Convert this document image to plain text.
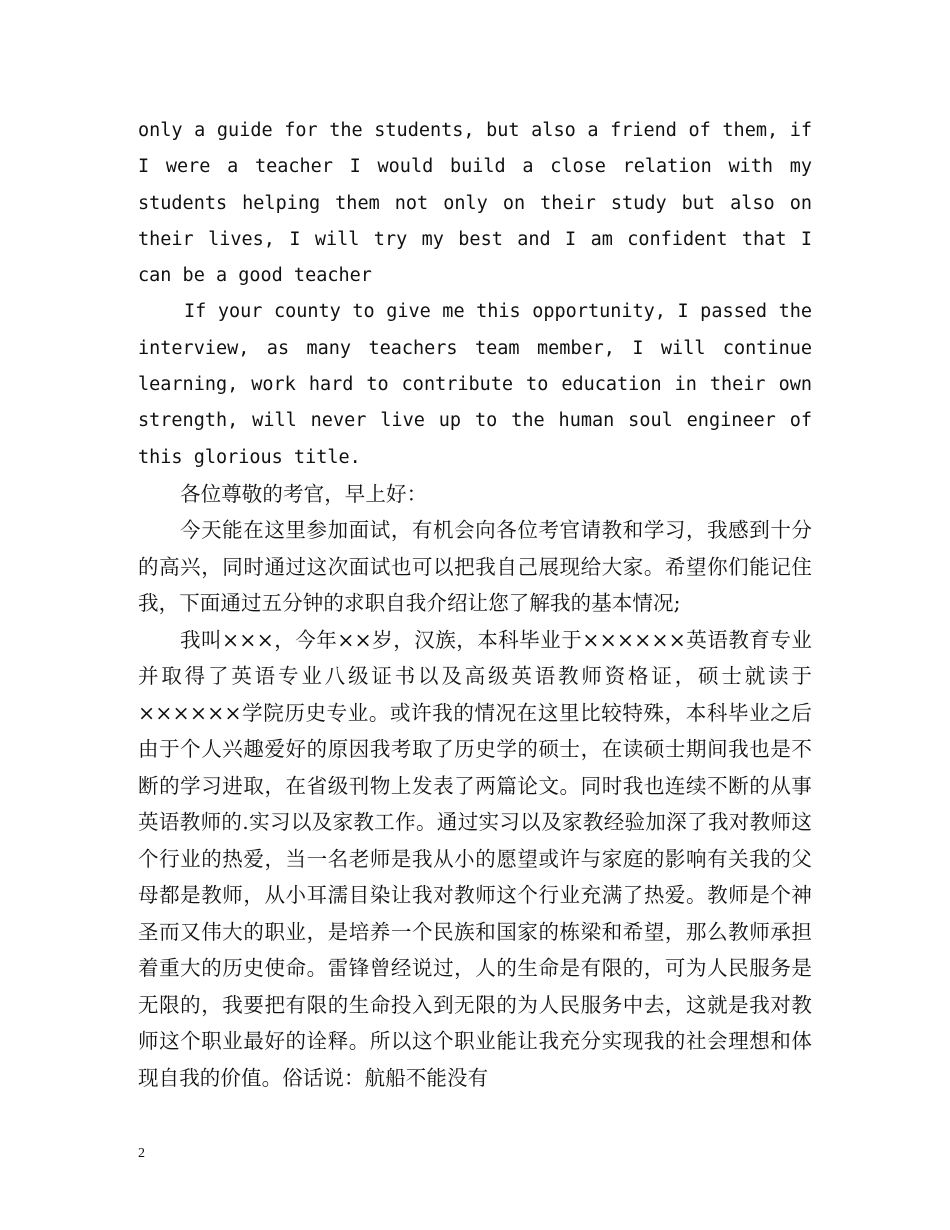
only a guide for the students, but also a friend of them, if I were a teacher I would build a close relation with my students helping them not only on their study but also on their lives, I will try my best and I am confident that I can be a good teacher

If your county to give me this opportunity, I passed the interview, as many teachers team member, I will continue learning, work hard to contribute to education in their own strength, will never live up to the human soul engineer of this glorious title.

各位尊敬的考官，早上好：

今天能在这里参加面试，有机会向各位考官请教和学习，我感到十分的高兴，同时通过这次面试也可以把我自己展现给大家。希望你们能记住我，下面通过五分钟的求职自我介绍让您了解我的基本情况;

我叫×××，今年××岁，汉族，本科毕业于××××××英语教育专业并取得了英语专业八级证书以及高级英语教师资格证，硕士就读于××××××学院历史专业。或许我的情况在这里比较特殊，本科毕业之后由于个人兴趣爱好的原因我考取了历史学的硕士，在读硕士期间我也是不断的学习进取，在省级刊物上发表了两篇论文。同时我也连续不断的从事英语教师的.实习以及家教工作。通过实习以及家教经验加深了我对教师这个行业的热爱，当一名老师是我从小的愿望或许与家庭的影响有关我的父母都是教师，从小耳濡目染让我对教师这个行业充满了热爱。教师是个神圣而又伟大的职业，是培养一个民族和国家的栋梁和希望，那么教师承担着重大的历史使命。雷锋曾经说过，人的生命是有限的，可为人民服务是无限的，我要把有限的生命投入到无限的为人民服务中去，这就是我对教师这个职业最好的诠释。所以这个职业能让我充分实现我的社会理想和体现自我的价值。俗话说：航船不能没有

2
